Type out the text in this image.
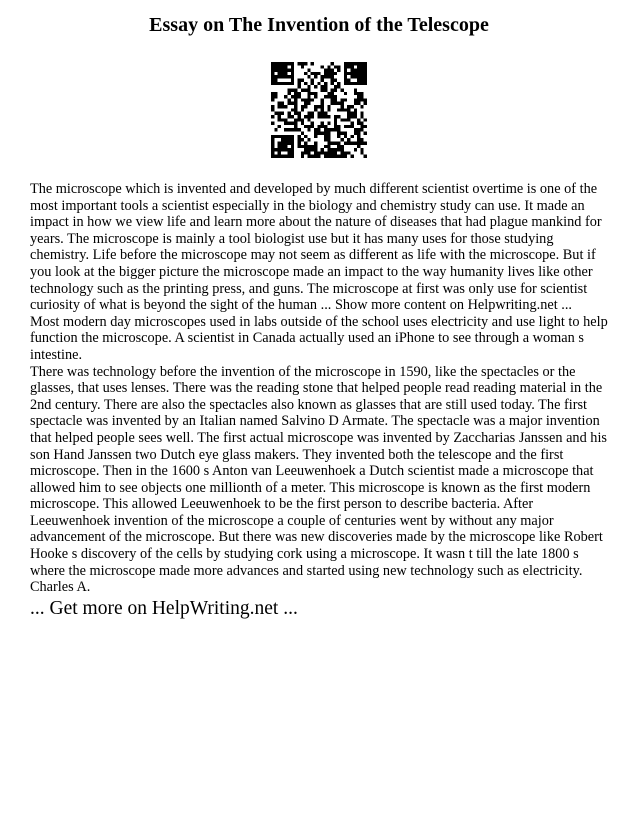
Essay on The Invention of the Telescope

The microscope which is invented and developed by much different scientist overtime is one of the most important tools a scientist especially in the biology and chemistry study can use. It made an impact in how we view life and learn more about the nature of diseases that had plague mankind for years. The microscope is mainly a tool biologist use but it has many uses for those studying chemistry. Life before the microscope may not seem as different as life with the microscope. But if you look at the bigger picture the microscope made an impact to the way humanity lives like other technology such as the printing press, and guns. The microscope at first was only use for scientist curiosity of what is beyond the sight of the human ... Show more content on Helpwriting.net ...

Most modern day microscopes used in labs outside of the school uses electricity and use light to help function the microscope. A scientist in Canada actually used an iPhone to see through a woman s intestine.

There was technology before the invention of the microscope in 1590, like the spectacles or the glasses, that uses lenses. There was the reading stone that helped people read reading material in the 2nd century. There are also the spectacles also known as glasses that are still used today. The first spectacle was invented by an Italian named Salvino D Armate. The spectacle was a major invention that helped people sees well. The first actual microscope was invented by Zaccharias Janssen and his son Hand Janssen two Dutch eye glass makers. They invented both the telescope and the first microscope. Then in the 1600 s Anton van Leeuwenhoek a Dutch scientist made a microscope that allowed him to see objects one millionth of a meter. This microscope is known as the first modern microscope. This allowed Leeuwenhoek to be the first person to describe bacteria. After Leeuwenhoek invention of the microscope a couple of centuries went by without any major advancement of the microscope. But there was new discoveries made by the microscope like Robert Hooke s discovery of the cells by studying cork using a microscope. It wasn t till the late 1800 s where the microscope made more advances and started using new technology such as electricity. Charles A.

... Get more on HelpWriting.net ...
